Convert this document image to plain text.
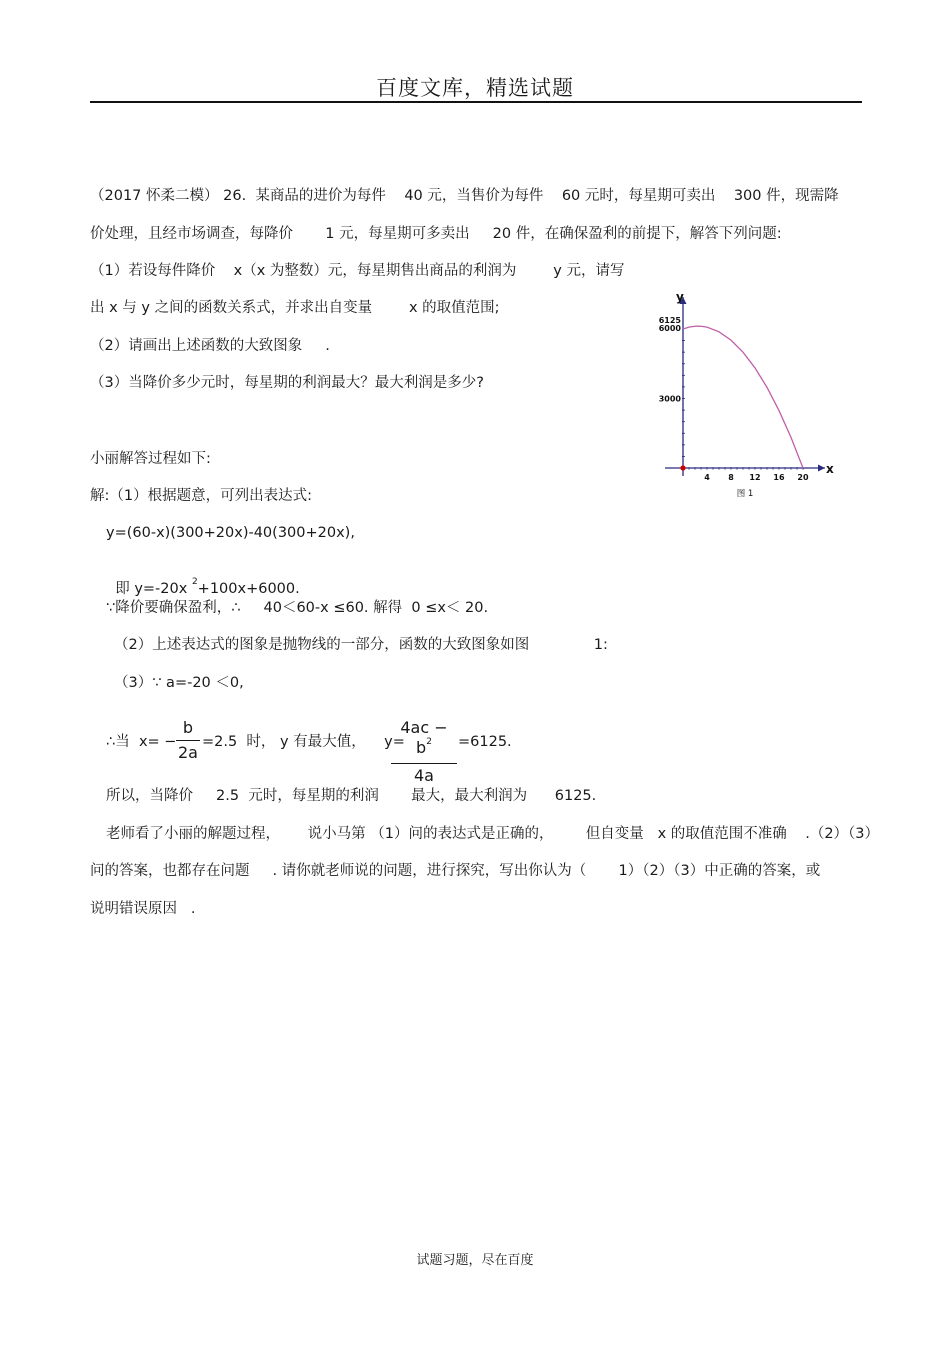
百度文库，精选试题
（2017 怀柔二模） 26.  某商品的进价为每件    40 元，当售价为每件    60 元时，每星期可卖出    300 件，现需降
价处理，且经市场调查，每降价       1 元，每星期可多卖出     20 件，在确保盈利的前提下，解答下列问题:
（1）若设每件降价    x（x 为整数）元，每星期售出商品的利润为        y 元，请写
出 x 与 y 之间的函数关系式，并求出自变量        x 的取值范围;
（2）请画出上述函数的大致图象     .
（3）当降价多少元时，每星期的利润最大？最大利润是多少?
小丽解答过程如下:
解:（1）根据题意，可列出表达式:
y=(60-x)(300+20x)-40(300+20x),

即 y=-20x $^2$+100x+6000.

∵降价要确保盈利，∴     40＜60-x ≤60. 解得  0 ≤x＜ 20.
（2）上述表达式的图象是抛物线的一部分，函数的大致图象如图              1:
（3）∵ a=-20 ＜0,
∴当  x= −
b
2a
=2.5  时， y 有最大值，    y=
$4ac - b^2$
4a
=6125.
所以，当降价     2.5  元时，每星期的利润       最大，最大利润为      6125.
老师看了小丽的解题过程，      说小马第 （1）问的表达式是正确的，       但自变量   x 的取值范围不准确    .（2）（3）
问的答案，也都存在问题     . 请你就老师说的问题，进行探究，写出你认为（       1）（2）（3）中正确的答案，或
说明错误原因   .
x
y
4 8 12 16 20
6125
6000
3000
图 1
试题习题，尽在百度
